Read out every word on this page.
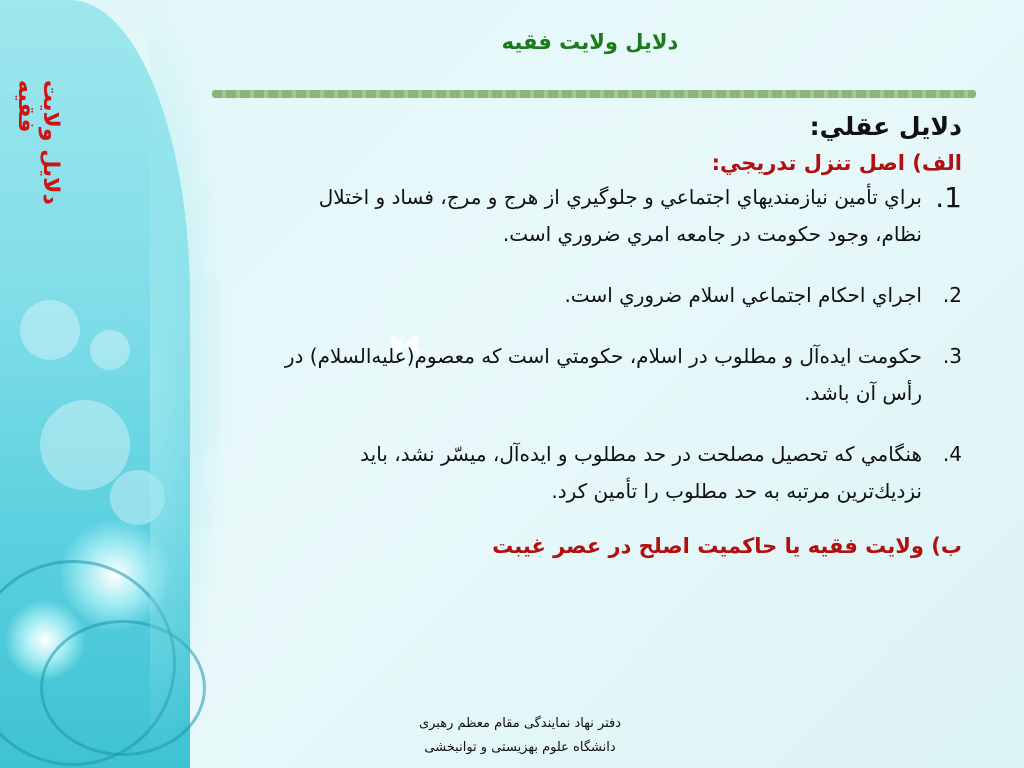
دلايل ولايت فقيه
دلايل ولايت فقيه
دلايل عقلي:
الف) اصل تنزل تدريجي:
1.
براي تأمين نيازمنديهاي اجتماعي و جلوگيري از هرج و مرج، فساد و اختلال نظام، وجود حكومت در جامعه امري ضروري است.
2.
اجراي احكام اجتماعي اسلام ضروري است.
3.
حكومت ايده‌آل و مطلوب در اسلام، حكومتي است كه معصوم(عليه‌السلام) در رأس آن باشد.
4.
هنگامي كه تحصيل مصلحت در حد مطلوب و ايده‌آل، ميسّر نشد، بايد نزديك‌ترين مرتبه به حد مطلوب را تأمين كرد.
ب) ولايت فقيه يا حاكميت اصلح در عصر غيبت
دفتر نهاد نمایندگی مقام معظم رهبری
دانشگاه علوم بهزیستی و توانبخشی
